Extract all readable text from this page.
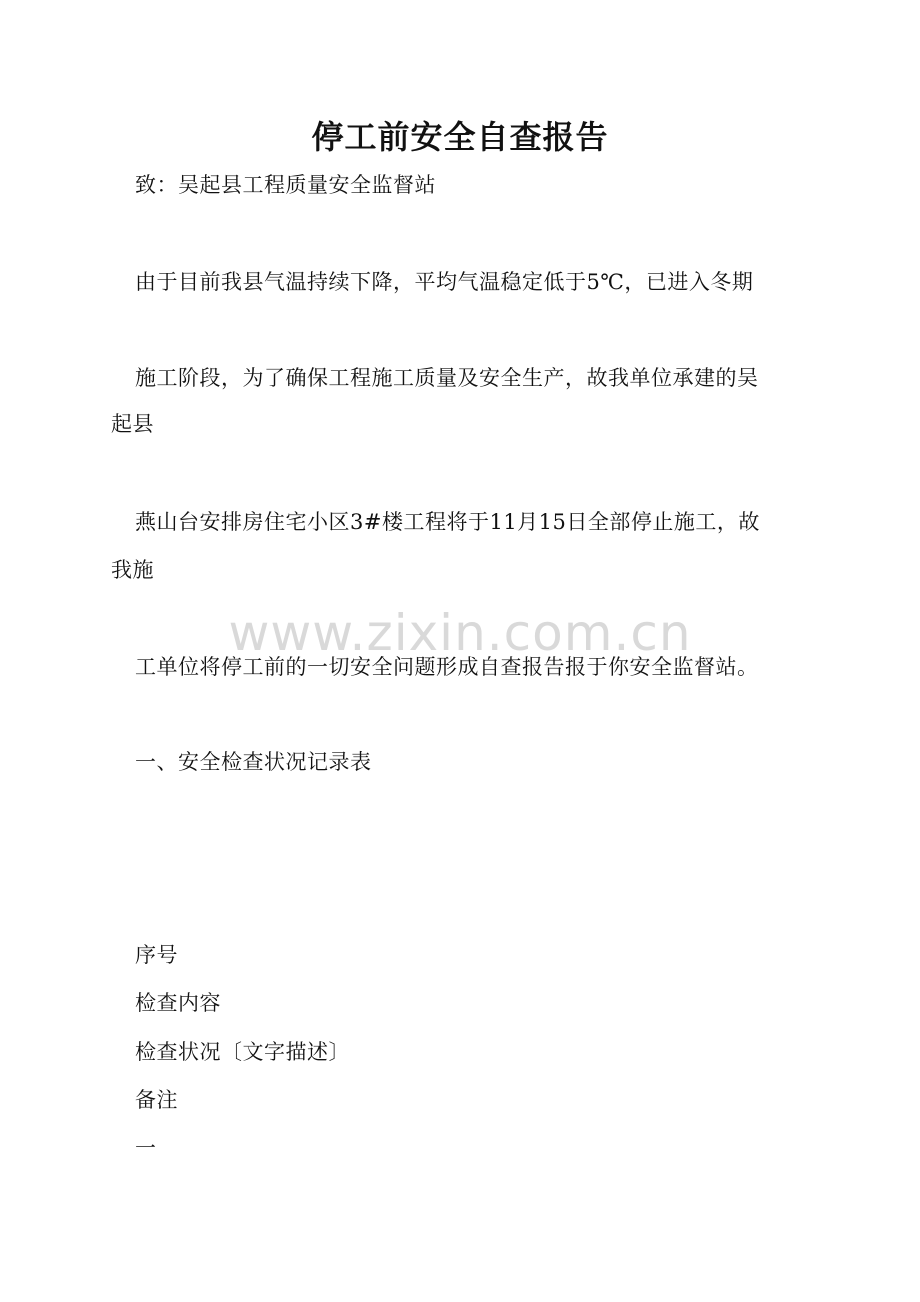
www.zixin.com.cn
停工前安全自查报告
致：吴起县工程质量安全监督站
由于目前我县气温持续下降，平均气温稳定低于5℃，已进入冬期
施工阶段，为了确保工程施工质量及安全生产，故我单位承建的吴
起县
燕山台安排房住宅小区3#楼工程将于11月15日全部停止施工，故
我施
工单位将停工前的一切安全问题形成自查报告报于你安全监督站。
一、安全检查状况记录表
序号
检查内容
检查状况〔文字描述〕
备注
一
